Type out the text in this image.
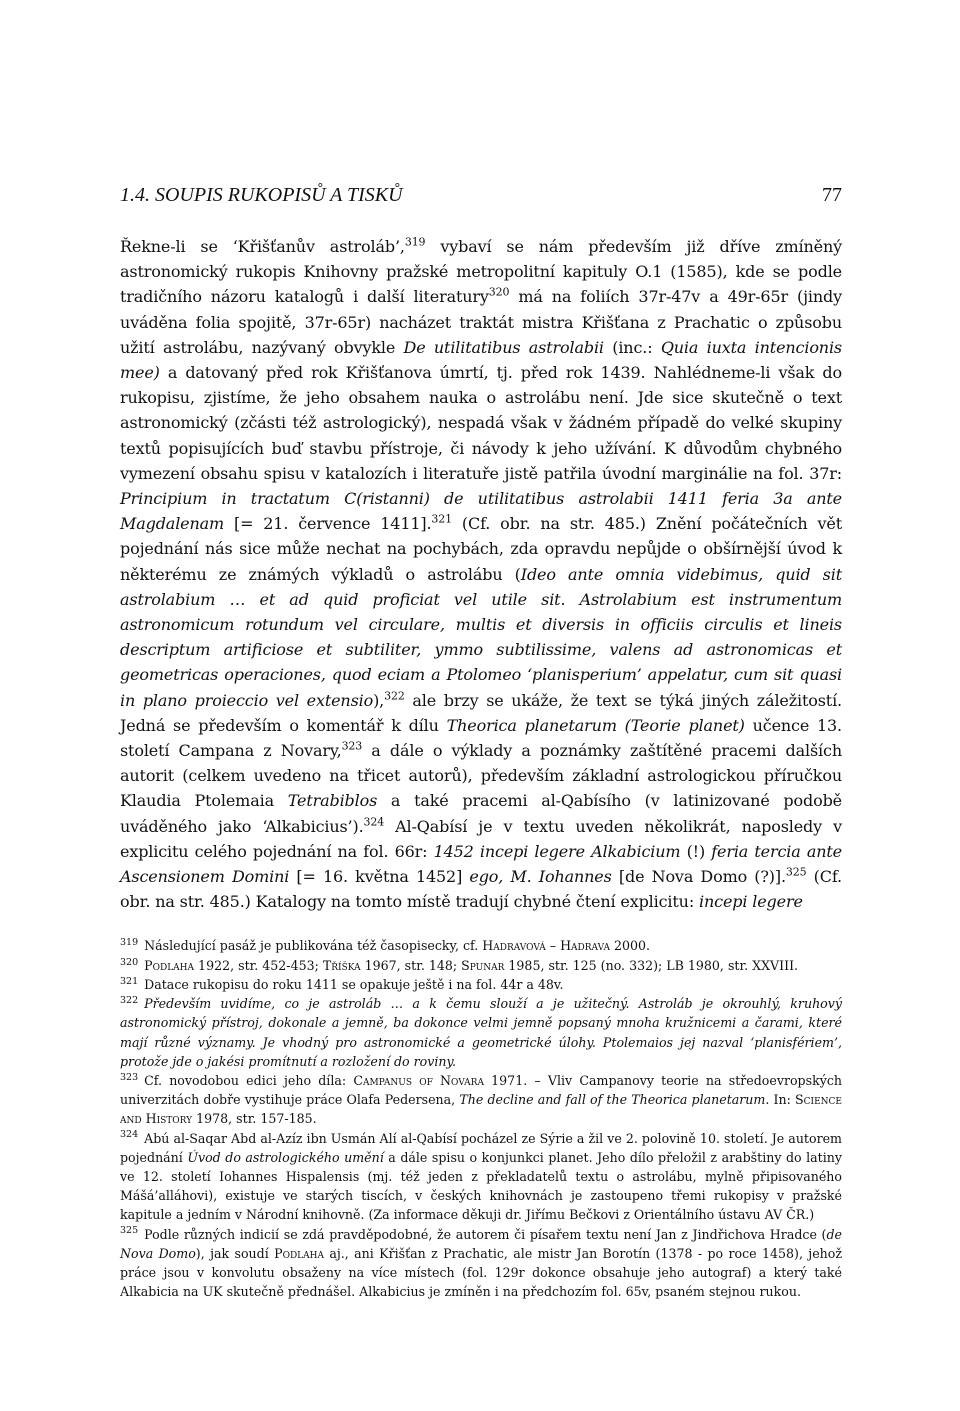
1.4. SOUPIS RUKOPISŮ A TISKŮ	77
Řekne-li se ‘Křišťanův astroláb’,$^{319}$ vybaví se nám především již dříve zmíněný astronomický rukopis Knihovny pražské metropolitní kapituly O.1 (1585), kde se podle tradičního názoru katalogů i další literatury$^{320}$ má na foliích 37r-47v a 49r-65r (jindy uváděna folia spojitě, 37r-65r) nacházet traktát mistra Křišťana z Prachatic o způsobu užití astrolábu, nazývaný obvykle De utilitatibus astrolabii (inc.: Quia iuxta intencionis mee) a datovaný před rok Křišťanova úmrtí, tj. před rok 1439. Nahlédneme-li však do rukopisu, zjistíme, že jeho obsahem nauka o astrolábu není. Jde sice skutečně o text astronomický (zčásti též astrologický), nespadá však v žádném případě do velké skupiny textů popisujících buď stavbu přístroje, či návody k jeho užívání. K důvodům chybného vymezení obsahu spisu v katalozích i literatuře jistě patřila úvodní marginálie na fol. 37r: Principium in tractatum C(ristanni) de utilitatibus astrolabii 1411 feria 3a ante Magdalenam [= 21. července 1411].$^{321}$ (Cf. obr. na str. 485.) Znění počátečních vět pojednání nás sice může nechat na pochybách, zda opravdu nepůjde o obšírnější úvod k některému ze známých výkladů o astrolábu (Ideo ante omnia videbimus, quid sit astrolabium … et ad quid proficiat vel utile sit. Astrolabium est instrumentum astronomicum rotundum vel circulare, multis et diversis in officiis circulis et lineis descriptum artificiose et subtiliter, ymmo subtilissime, valens ad astronomicas et geometricas operaciones, quod eciam a Ptolomeo ‘planisperium’ appelatur, cum sit quasi in plano proieccio vel extensio),$^{322}$ ale brzy se ukáže, že text se týká jiných záležitostí. Jedná se především o komentář k dílu Theorica planetarum (Teorie planet) učence 13. století Campana z Novary,$^{323}$ a dále o výklady a poznámky zaštítěné pracemi dalších autorit (celkem uvedeno na třicet autorů), především základní astrologickou příručkou Klaudia Ptolemaia Tetrabiblos a také pracemi al-Qabísího (v latinizované podobě uváděného jako ‘Alkabicius’).$^{324}$ Al-Qabísí je v textu uveden několikrát, naposledy v explicitu celého pojednání na fol. 66r: 1452 incepi legere Alkabicium (!) feria tercia ante Ascensionem Domini [= 16. května 1452] ego, M. Iohannes [de Nova Domo (?)].$^{325}$ (Cf. obr. na str. 485.) Katalogy na tomto místě tradují chybné čtení explicitu: incepi legere

$^{319}$ Následující pasáž je publikována též časopisecky, cf. Hadravová – Hadrava 2000.

$^{320}$ Podlaha 1922, str. 452-453; Tříška 1967, str. 148; Spunar 1985, str. 125 (no. 332); LB 1980, str. XXVIII.

$^{321}$ Datace rukopisu do roku 1411 se opakuje ještě i na fol. 44r a 48v.

$^{322}$ Především uvidíme, co je astroláb … a k čemu slouží a je užitečný. Astroláb je okrouhlý, kruhový astronomický přístroj, dokonale a jemně, ba dokonce velmi jemně popsaný mnoha kružnicemi a čarami, které mají různé významy. Je vhodný pro astronomické a geometrické úlohy. Ptolemaios jej nazval ‘planisfériem’, protože jde o jakési promítnutí a rozložení do roviny.

$^{323}$ Cf. novodobou edici jeho díla: Campanus of Novara 1971. – Vliv Campanovy teorie na středoevropských univerzitách dobře vystihuje práce Olafa Pedersena, The decline and fall of the Theorica planetarum. In: Science and History 1978, str. 157-185.

$^{324}$ Abú al-Saqar Abd al-Azíz ibn Usmán Alí al-Qabísí pocházel ze Sýrie a žil ve 2. polovině 10. století. Je autorem pojednání Úvod do astrologického umění a dále spisu o konjunkci planet. Jeho dílo přeložil z arabštiny do latiny ve 12. století Iohannes Hispalensis (mj. též jeden z překladatelů textu o astrolábu, mylně připisovaného Mášá’alláhovi), existuje ve starých tiscích, v českých knihovnách je zastoupeno třemi rukopisy v pražské kapitule a jedním v Národní knihovně. (Za informace děkuji dr. Jiřímu Bečkovi z Orientálního ústavu AV ČR.)

$^{325}$ Podle různých indicií se zdá pravděpodobné, že autorem či písařem textu není Jan z Jindřichova Hradce (de Nova Domo), jak soudí Podlaha aj., ani Křišťan z Prachatic, ale mistr Jan Borotín (1378 - po roce 1458), jehož práce jsou v konvolutu obsaženy na více místech (fol. 129r dokonce obsahuje jeho autograf) a který také Alkabicia na UK skutečně přednášel. Alkabicius je zmíněn i na předchozím fol. 65v, psaném stejnou rukou.
